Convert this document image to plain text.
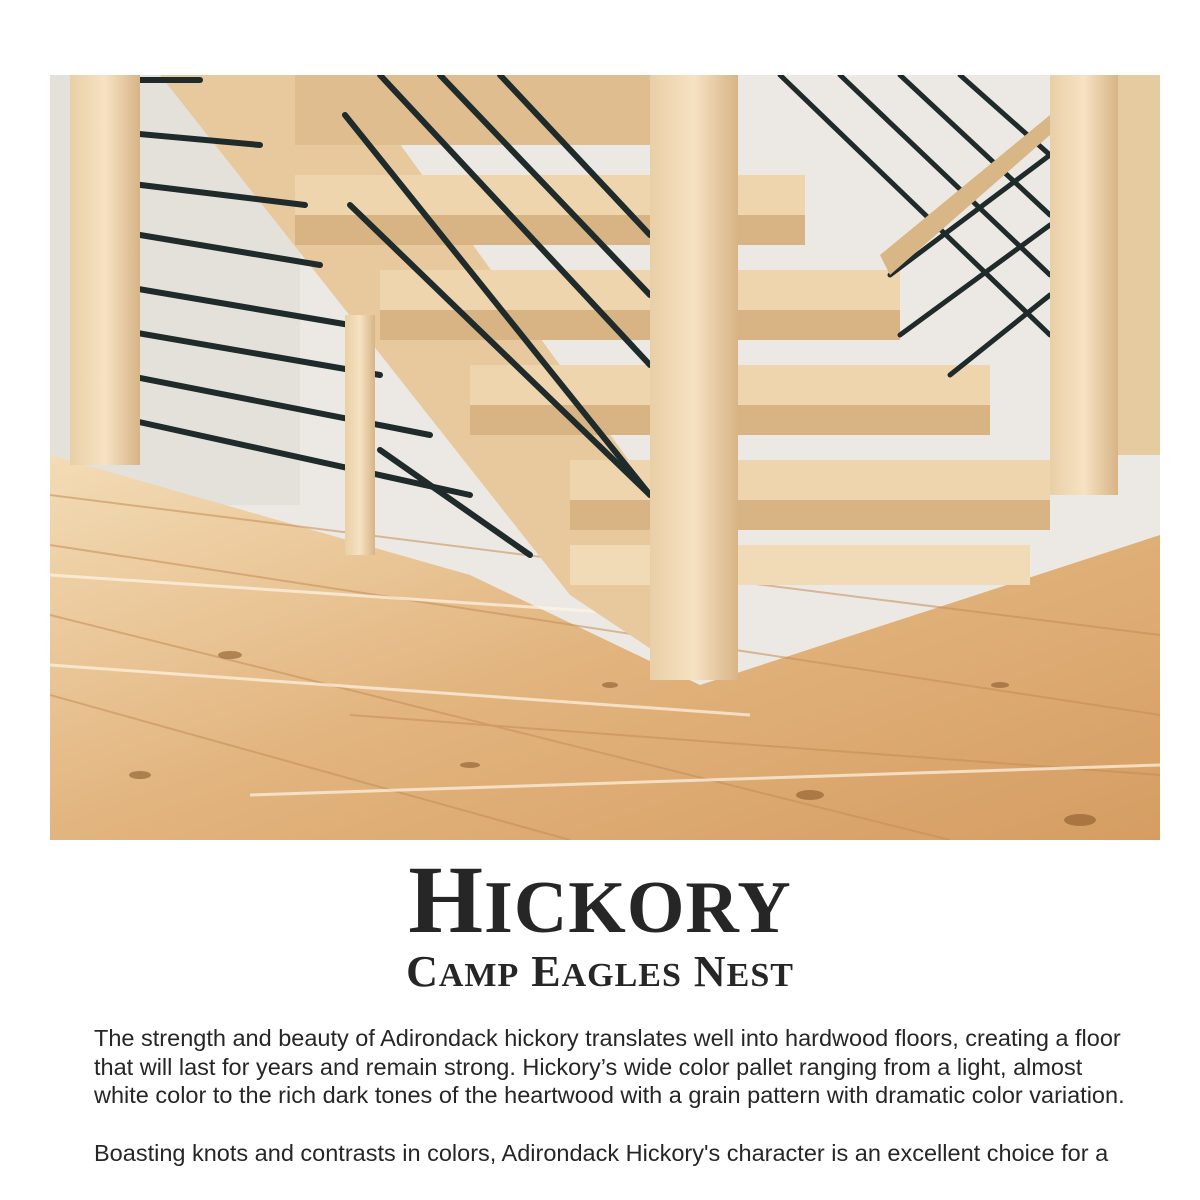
HICKORY
CAMP EAGLES NEST

The strength and beauty of Adirondack hickory translates well into hardwood floors, creating a floor that will last for years and remain strong. Hickory’s wide color pallet ranging from a light, almost white color to the rich dark tones of the heartwood with a grain pattern with dramatic color variation.

Boasting knots and contrasts in colors, Adirondack Hickory's character is an excellent choice for a
